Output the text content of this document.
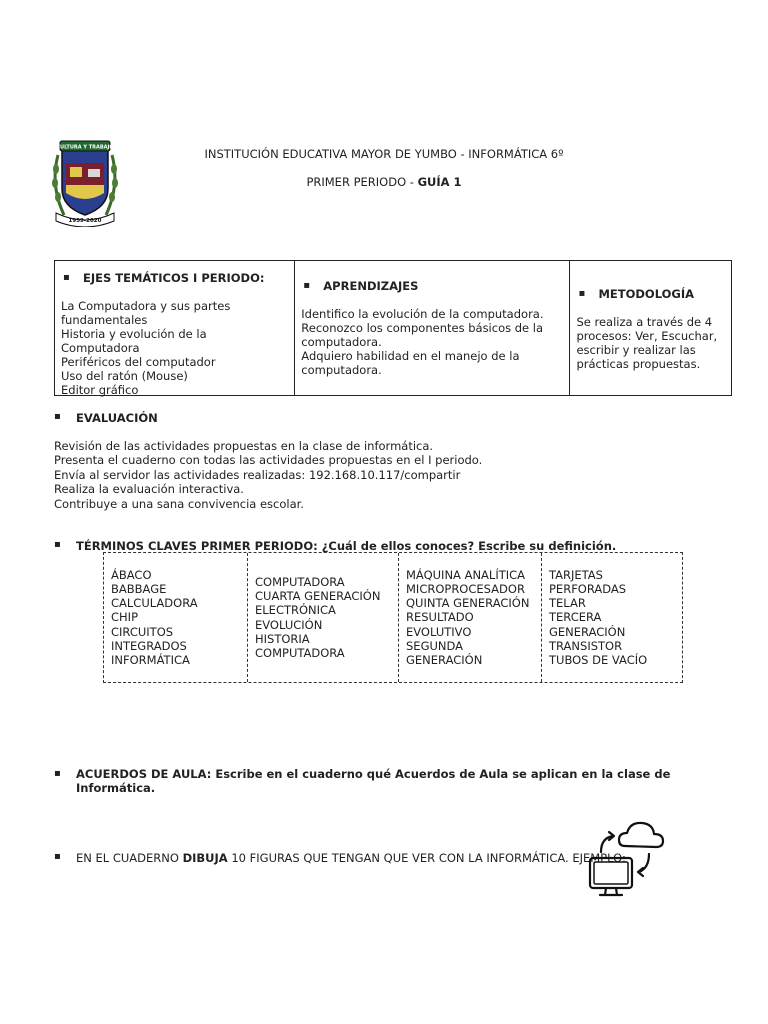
CULTURA Y TRABAJO
1959-2020
INSTITUCIÓN EDUCATIVA MAYOR DE YUMBO - INFORMÁTICA 6º
PRIMER PERIODO - GUÍA 1
▪ EJES TEMÁTICOS I PERIODO:
La Computadora y sus partes
fundamentales
Historia y evolución de la Computadora
Periféricos del computador
Uso del ratón (Mouse)
Editor gráfico
▪ APRENDIZAJES
Identifico la evolución de la computadora.
Reconozco los componentes básicos de la
computadora.
Adquiero habilidad en el manejo de la
computadora.
▪ METODOLOGÍA
Se realiza a través de 4
procesos: Ver, Escuchar,
escribir y realizar las
prácticas propuestas.
▪ EVALUACIÓN
Revisión de las actividades propuestas en la clase de informática.
Presenta el cuaderno con todas las actividades propuestas en el I periodo.
Envía al servidor las actividades realizadas: 192.168.10.117/compartir
Realiza la evaluación interactiva.
Contribuye a una sana convivencia escolar.
▪ TÉRMINOS CLAVES PRIMER PERIODO: ¿Cuál de ellos conoces? Escribe su definición.
ÁBACO
BABBAGE
CALCULADORA
CHIP
CIRCUITOS
INTEGRADOS
INFORMÁTICA
COMPUTADORA
CUARTA GENERACIÓN
ELECTRÓNICA
EVOLUCIÓN
HISTORIA
COMPUTADORA
MÁQUINA ANALÍTICA
MICROPROCESADOR
QUINTA GENERACIÓN
RESULTADO
EVOLUTIVO
SEGUNDA
GENERACIÓN
TARJETAS
PERFORADAS
TELAR
TERCERA
GENERACIÓN
TRANSISTOR
TUBOS DE VACÍO
▪ ACUERDOS DE AULA: Escribe en el cuaderno qué Acuerdos de Aula se aplican en la clase de Informática.
▪ EN EL CUADERNO DIBUJA 10 FIGURAS QUE TENGAN QUE VER CON LA INFORMÁTICA. EJEMPLO:
